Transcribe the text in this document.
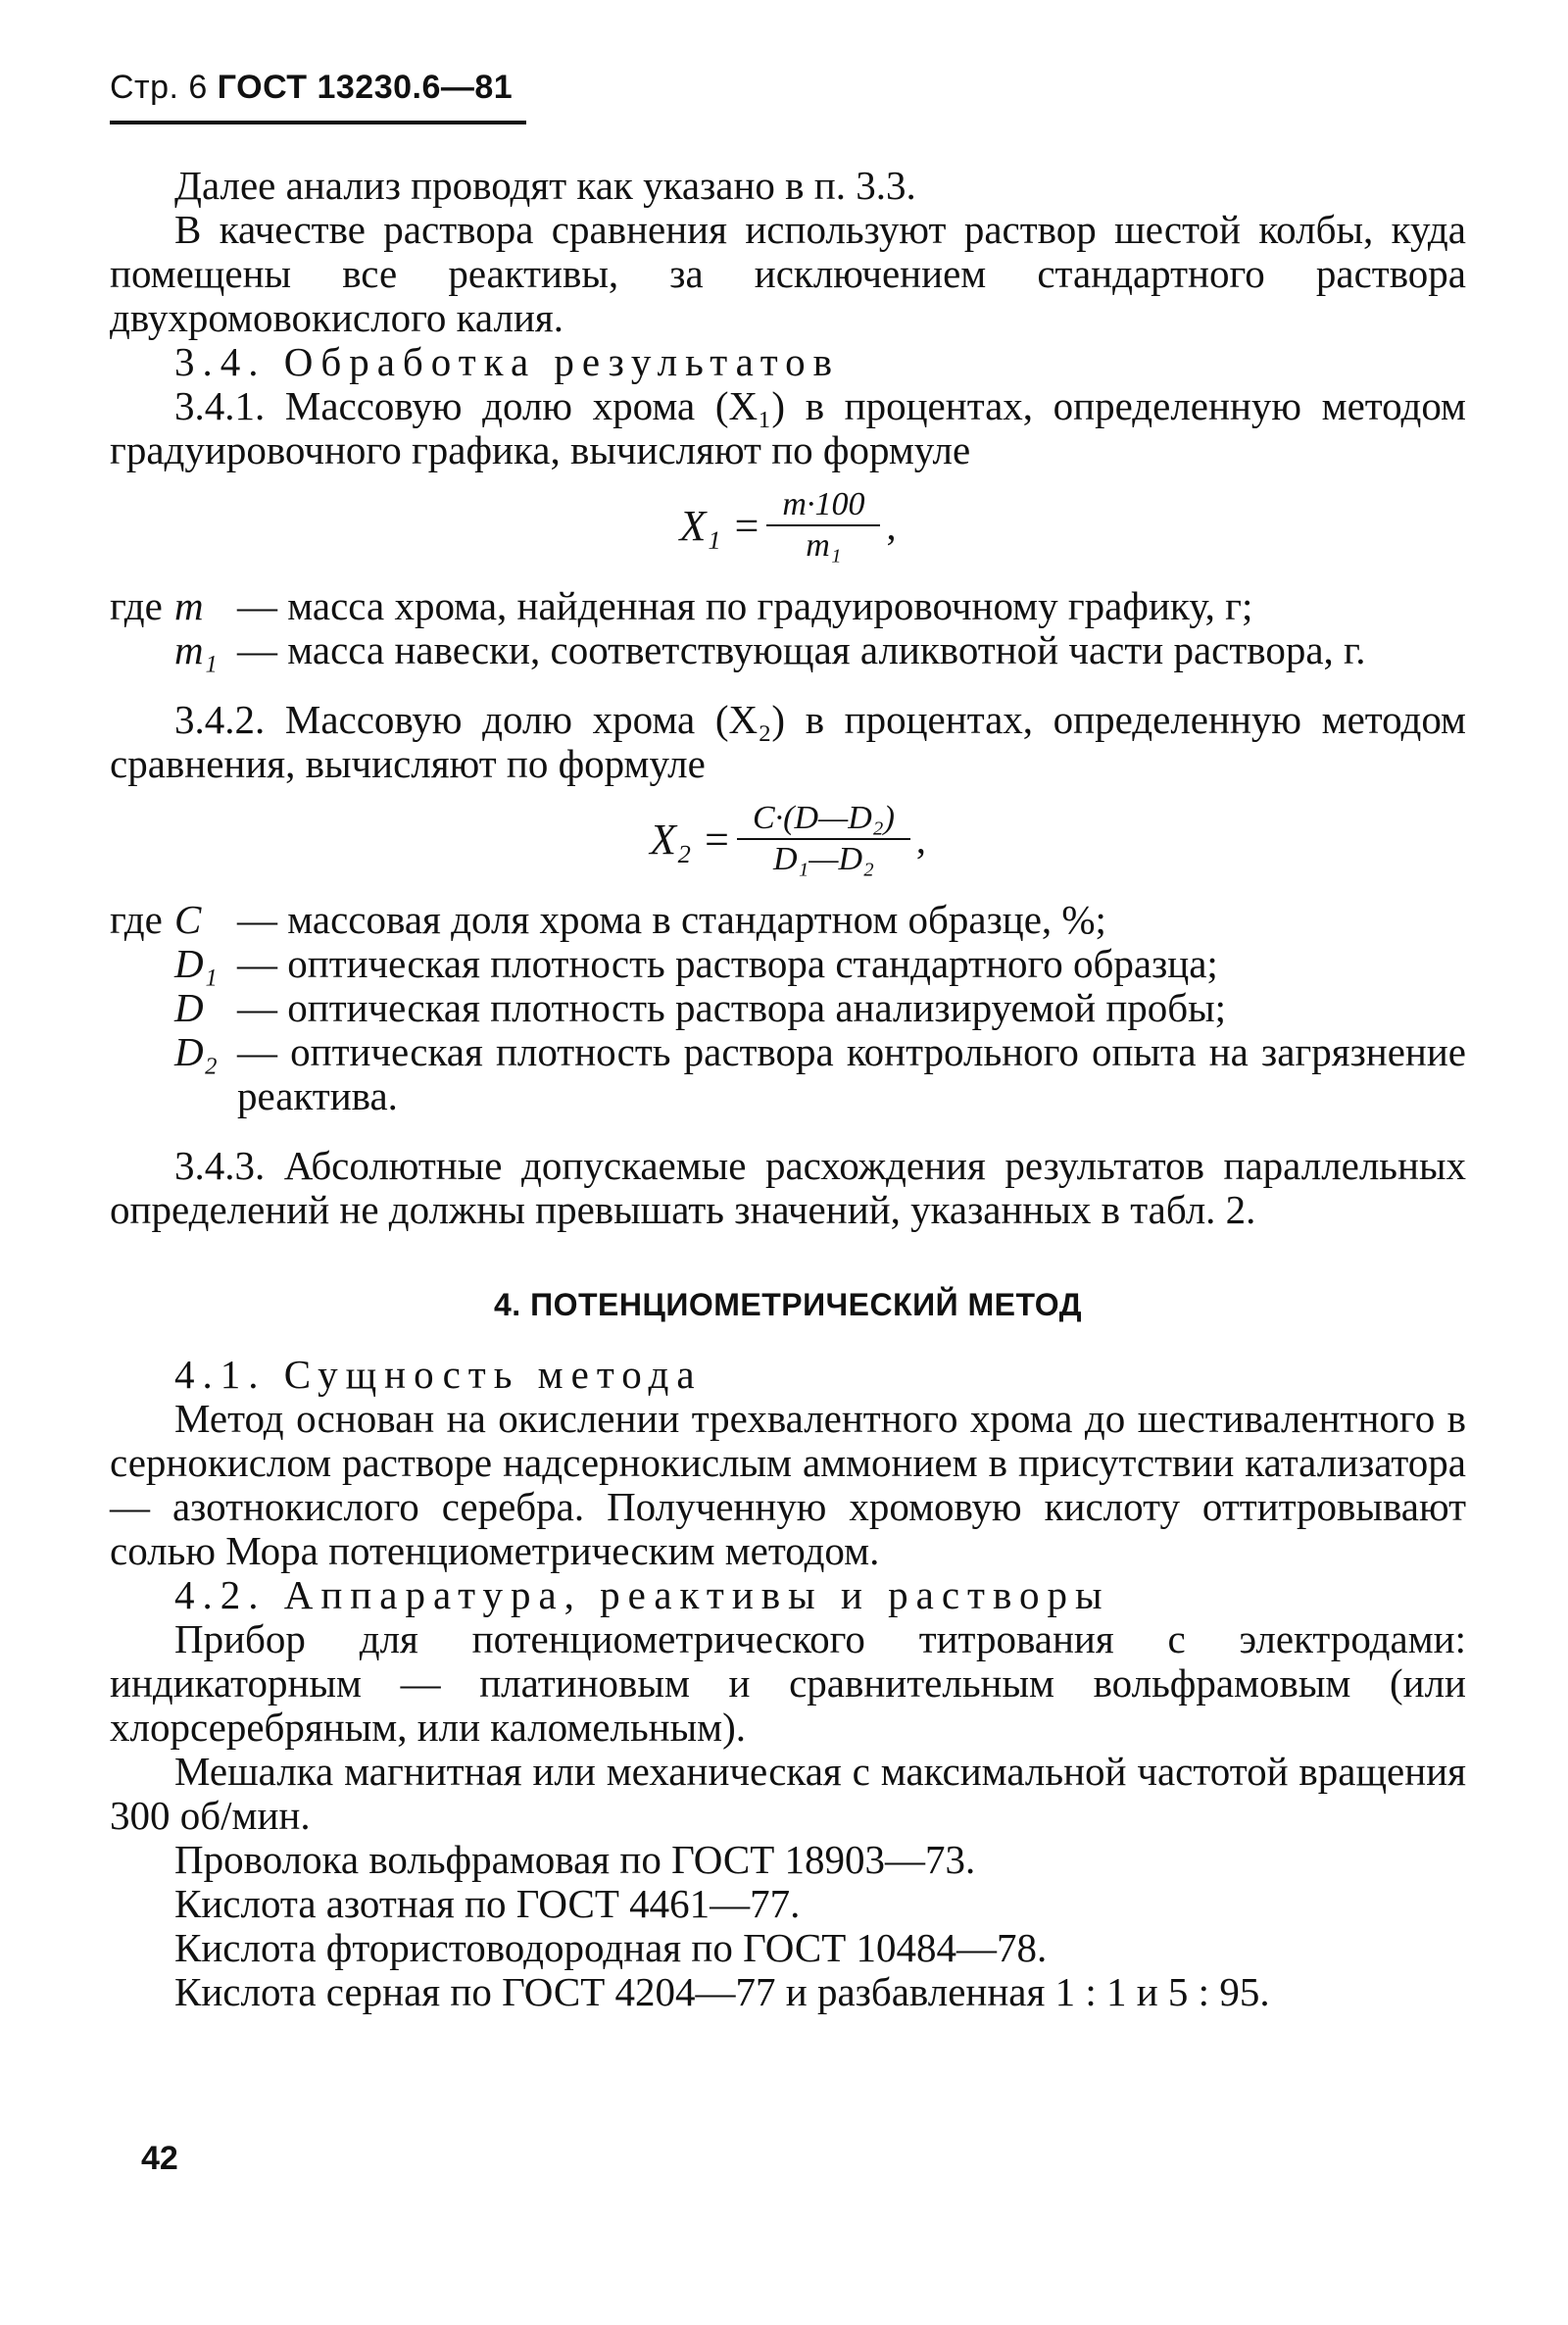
Стр. 6 ГОСТ 13230.6—81

Далее анализ проводят как указано в п. 3.3.

В качестве раствора сравнения используют раствор шестой колбы, куда помещены все реактивы, за исключением стандартного раствора двухромовокислого калия.

3.4. Обработка результатов

3.4.1. Массовую долю хрома (X₁) в процентах, определенную методом градуировочного графика, вычисляют по формуле

$X_1 = \frac{m\cdot 100}{\text{m₁}}$ ,
где m — масса хрома, найденная по градуировочному графику, г;
m₁ — масса навески, соответствующая аликвотной части раствора, г.

3.4.2. Массовую долю хрома (X₂) в процентах, определенную методом сравнения, вычисляют по формуле

$X_2 = \frac{\text{C·(D—D₂)}}{\text{D₁—D₂}}$ ,
где C — массовая доля хрома в стандартном образце, %;
D₁ — оптическая плотность раствора стандартного образца;
D — оптическая плотность раствора анализируемой пробы;
D₂ — оптическая плотность раствора контрольного опыта на загрязнение реактива.

3.4.3. Абсолютные допускаемые расхождения результатов параллельных определений не должны превышать значений, указанных в табл. 2.

4. ПОТЕНЦИОМЕТРИЧЕСКИЙ МЕТОД

4.1. Сущность метода

Метод основан на окислении трехвалентного хрома до шестивалентного в сернокислом растворе надсернокислым аммонием в присутствии катализатора — азотнокислого серебра. Полученную хромовую кислоту оттитровывают солью Мора потенциометрическим методом.

4.2. Аппаратура, реактивы и растворы

Прибор для потенциометрического титрования с электродами: индикаторным — платиновым и сравнительным вольфрамовым (или хлорсеребряным, или каломельным).

Мешалка магнитная или механическая с максимальной частотой вращения 300 об/мин.

Проволока вольфрамовая по ГОСТ 18903—73.

Кислота азотная по ГОСТ 4461—77.

Кислота фтористоводородная по ГОСТ 10484—78.

Кислота серная по ГОСТ 4204—77 и разбавленная 1 : 1 и 5 : 95.

42
